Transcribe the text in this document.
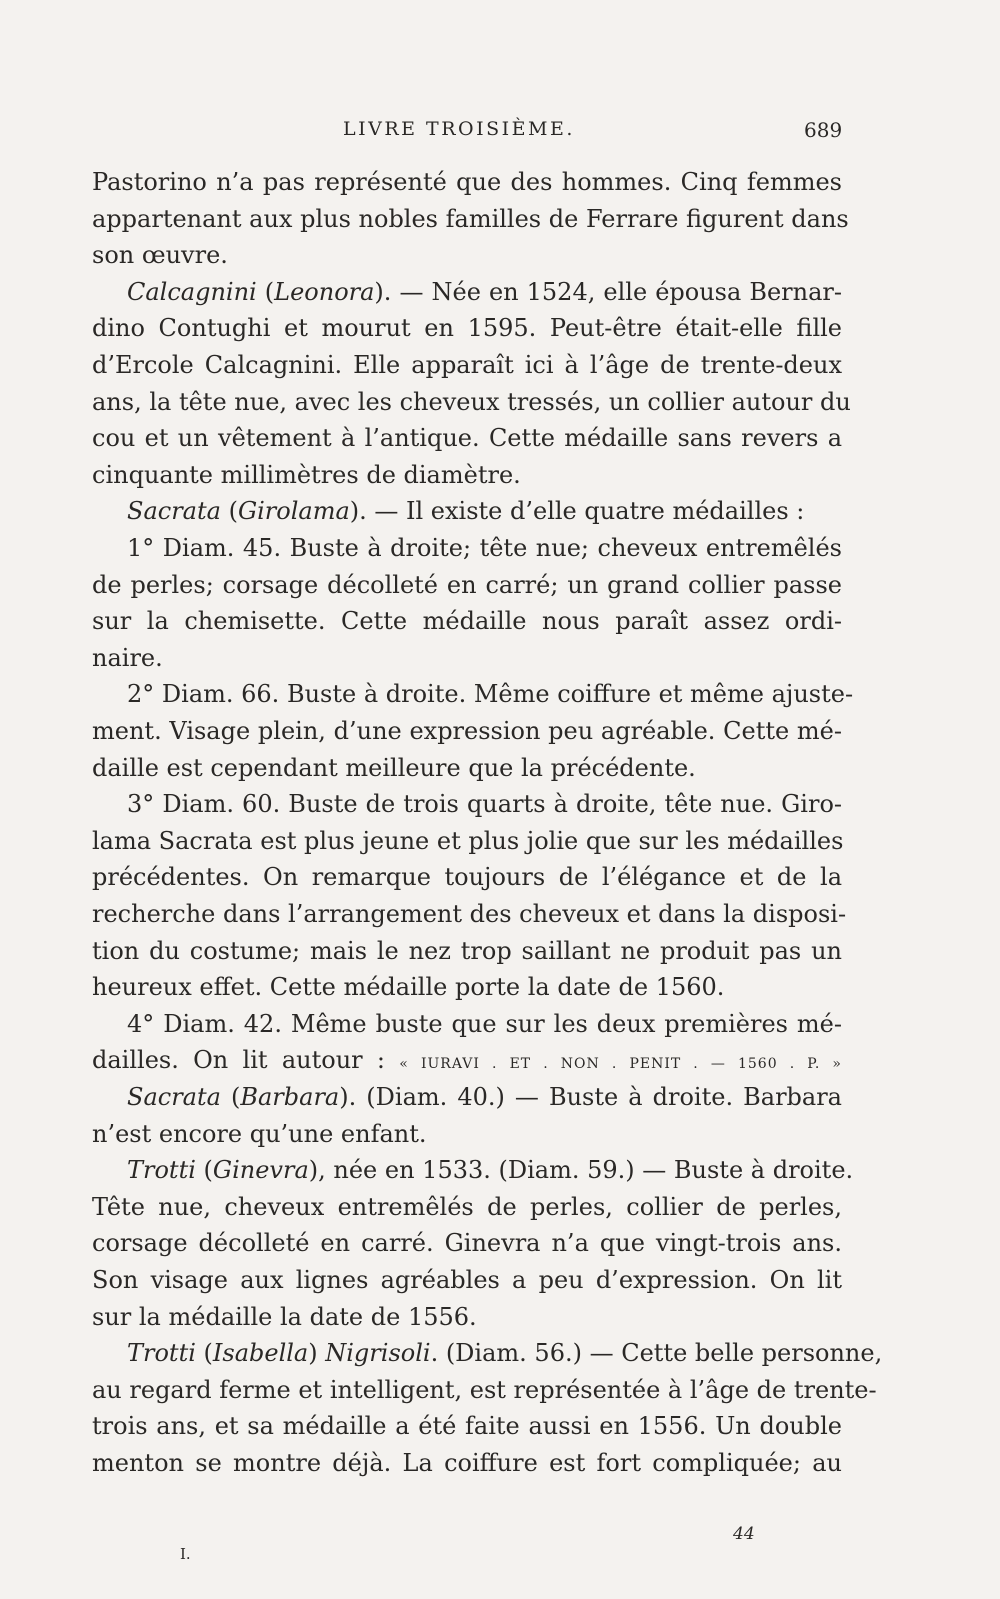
LIVRE TROISIÈME.	689
Pastorino n’a pas représenté que des hommes. Cinq femmes
appartenant aux plus nobles familles de Ferrare figurent dans
son œuvre.
Calcagnini (Leonora). — Née en 1524, elle épousa Bernar-
dino Contughi et mourut en 1595. Peut-être était-elle fille
d’Ercole Calcagnini. Elle apparaît ici à l’âge de trente-deux
ans, la tête nue, avec les cheveux tressés, un collier autour du
cou et un vêtement à l’antique. Cette médaille sans revers a
cinquante millimètres de diamètre.
Sacrata (Girolama). — Il existe d’elle quatre médailles :
1° Diam. 45. Buste à droite; tête nue; cheveux entremêlés
de perles; corsage décolleté en carré; un grand collier passe
sur la chemisette. Cette médaille nous paraît assez ordi-
naire.
2° Diam. 66. Buste à droite. Même coiffure et même ajuste-
ment. Visage plein, d’une expression peu agréable. Cette mé-
daille est cependant meilleure que la précédente.
3° Diam. 60. Buste de trois quarts à droite, tête nue. Giro-
lama Sacrata est plus jeune et plus jolie que sur les médailles
précédentes. On remarque toujours de l’élégance et de la
recherche dans l’arrangement des cheveux et dans la disposi-
tion du costume; mais le nez trop saillant ne produit pas un
heureux effet. Cette médaille porte la date de 1560.
4° Diam. 42. Même buste que sur les deux premières mé-
dailles. On lit autour : « IURAVI . ET . NON . PENIT . — 1560 . P. »
Sacrata (Barbara). (Diam. 40.) — Buste à droite. Barbara
n’est encore qu’une enfant.
Trotti (Ginevra), née en 1533. (Diam. 59.) — Buste à droite.
Tête nue, cheveux entremêlés de perles, collier de perles,
corsage décolleté en carré. Ginevra n’a que vingt-trois ans.
Son visage aux lignes agréables a peu d’expression. On lit
sur la médaille la date de 1556.
Trotti (Isabella) Nigrisoli. (Diam. 56.) — Cette belle personne,
au regard ferme et intelligent, est représentée à l’âge de trente-
trois ans, et sa médaille a été faite aussi en 1556. Un double
menton se montre déjà. La coiffure est fort compliquée; au
I.
44
